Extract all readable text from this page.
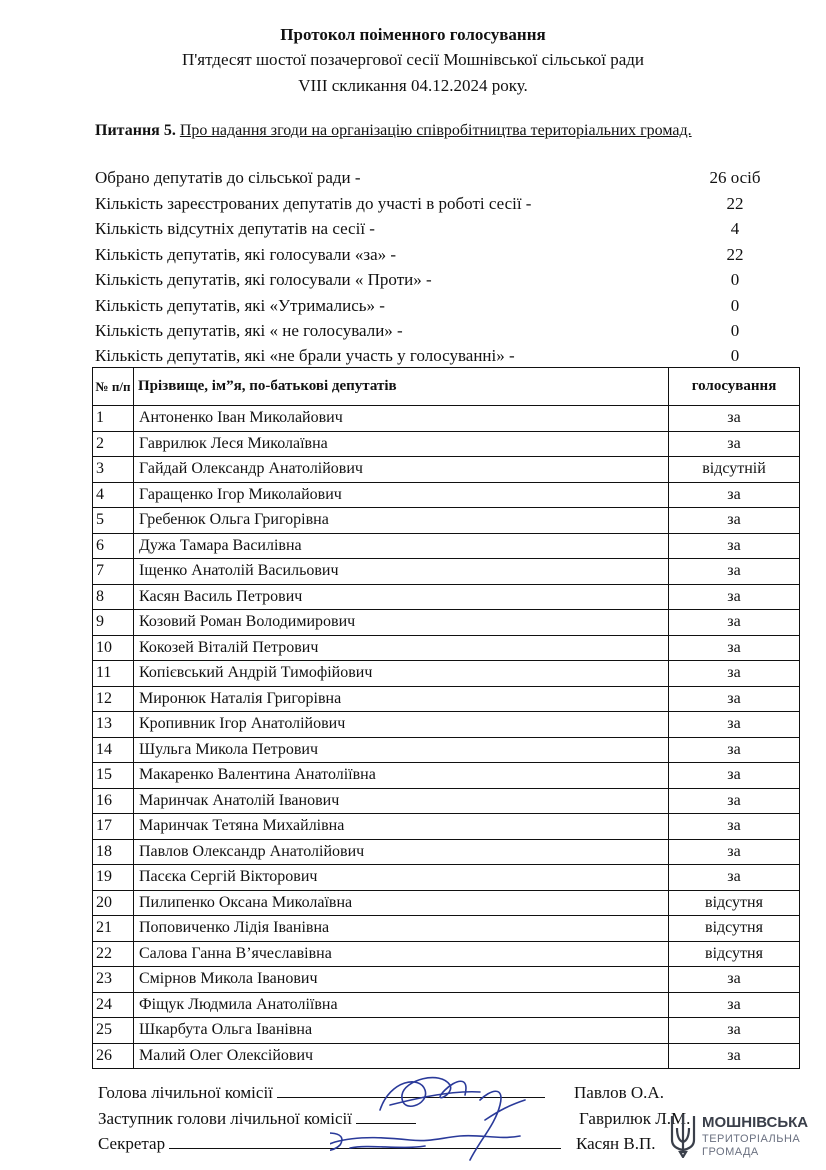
Протокол поіменного голосування
П'ятдесят шостої позачергової сесії Мошнівської сільської ради
VIII скликання 04.12.2024 року.
Питання 5. Про надання згоди на організацію співробітництва територіальних громад.
Обрано депутатів до сільської ради -	26 осіб
Кількість зареєстрованих депутатів до участі в роботі сесії -	22
Кількість відсутніх депутатів на сесії -	4
Кількість депутатів, які голосували «за» -	22
Кількість депутатів, які голосували « Проти» -	0
Кількість депутатів, які «Утримались» -	0
Кількість депутатів, які « не голосували» -	0
Кількість депутатів, які «не брали участь у голосуванні» -	0
№ п/п	Прізвище, ім”я, по-батькові депутатів	голосування
1	Антоненко Іван Миколайович	за
2	Гаврилюк Леся Миколаївна	за
3	Гайдай Олександр Анатолійович	відсутній
4	Гаращенко Ігор Миколайович	за
5	Гребенюк Ольга Григорівна	за
6	Дужа Тамара Василівна	за
7	Іщенко Анатолій Васильович	за
8	Касян Василь Петрович	за
9	Козовий Роман Володимирович	за
10	Кокозей Віталій Петрович	за
11	Копієвський Андрій Тимофійович	за
12	Миронюк Наталія Григорівна	за
13	Кропивник Ігор Анатолійович	за
14	Шульга Микола Петрович	за
15	Макаренко Валентина Анатоліївна	за
16	Маринчак Анатолій Іванович	за
17	Маринчак Тетяна Михайлівна	за
18	Павлов Олександр Анатолійович	за
19	Пасєка Сергій Вікторович	за
20	Пилипенко Оксана Миколаївна	відсутня
21	Поповиченко Лідія Іванівна	відсутня
22	Салова Ганна В’ячеславівна	відсутня
23	Смірнов Микола Іванович	за
24	Фіщук Людмила Анатоліївна	за
25	Шкарбута Ольга Іванівна	за
26	Малий Олег Олексійович	за
Голова лічильної комісії	Павлов О.А.
Заступник голови лічильної комісії	Гаврилюк Л.М.
Секретар	Касян В.П.
МОШНІВСЬКА
ТЕРИТОРІАЛЬНА
ГРОМАДА
